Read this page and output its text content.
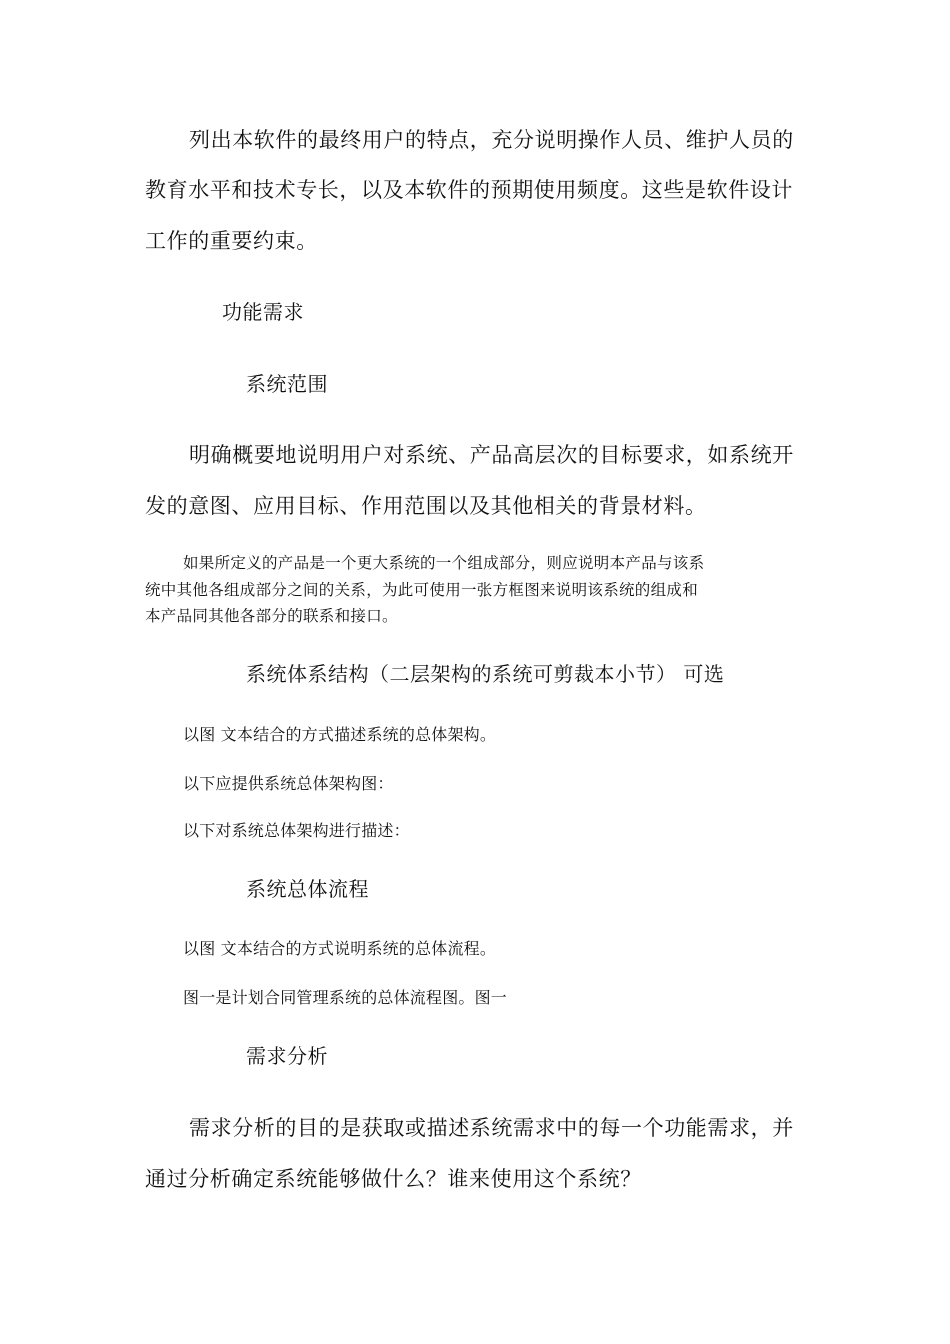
列出本软件的最终用户的特点，充分说明操作人员、维护人员的

教育水平和技术专长，以及本软件的预期使用频度。这些是软件设计

工作的重要约束。

功能需求

系统范围

明确概要地说明用户对系统、产品高层次的目标要求，如系统开

发的意图、应用目标、作用范围以及其他相关的背景材料。

如果所定义的产品是一个更大系统的一个组成部分，则应说明本产品与该系

统中其他各组成部分之间的关系，为此可使用一张方框图来说明该系统的组成和

本产品同其他各部分的联系和接口。

系统体系结构（二层架构的系统可剪裁本小节） 可选

以图 文本结合的方式描述系统的总体架构。

以下应提供系统总体架构图：

以下对系统总体架构进行描述：

系统总体流程

以图 文本结合的方式说明系统的总体流程。

图一是计划合同管理系统的总体流程图。图一

需求分析

需求分析的目的是获取或描述系统需求中的每一个功能需求，并

通过分析确定系统能够做什么？谁来使用这个系统？
